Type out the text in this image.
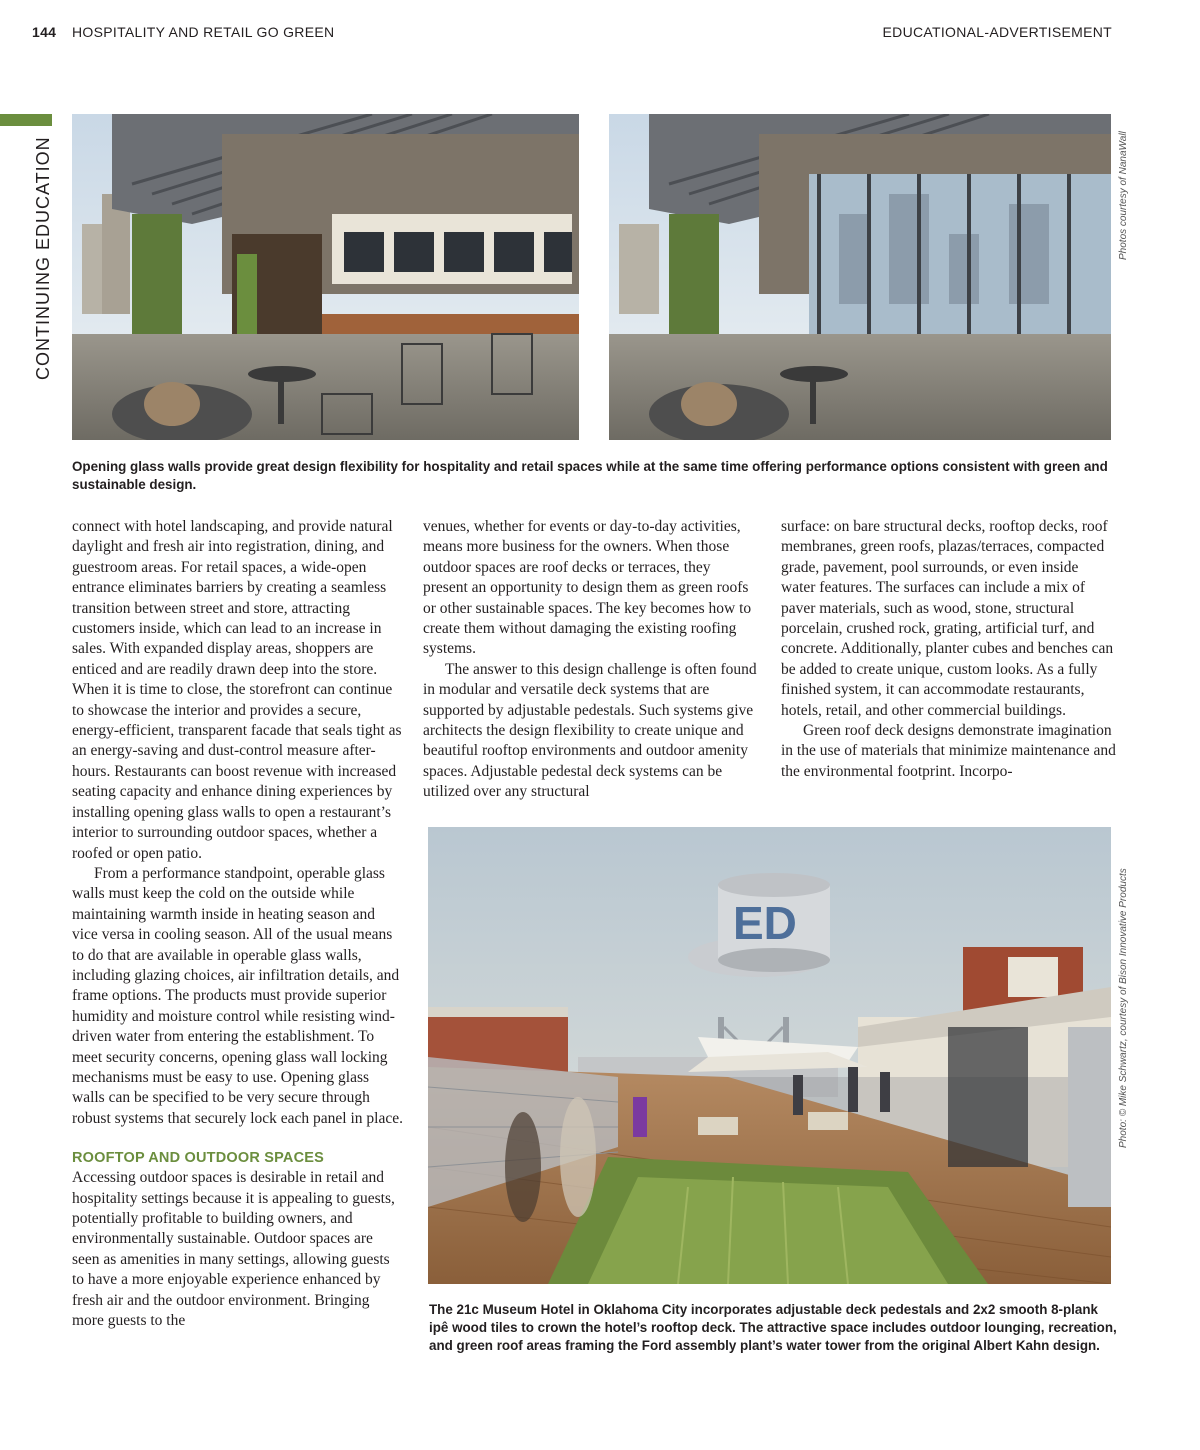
144 HOSPITALITY AND RETAIL GO GREEN	EDUCATIONAL-ADVERTISEMENT
CONTINUING EDUCATION	Photos courtesy of NanaWall
Opening glass walls provide great design flexibility for hospitality and retail spaces while at the same time offering performance options consistent with green and sustainable design.

connect with hotel landscaping, and provide natural daylight and fresh air into registration, dining, and guestroom areas. For retail spaces, a wide-open entrance eliminates barriers by creating a seamless transition between street and store, attracting customers inside, which can lead to an increase in sales. With expanded display areas, shoppers are enticed and are readily drawn deep into the store. When it is time to close, the storefront can continue to showcase the interior and provides a secure, energy-efficient, transparent facade that seals tight as an energy-saving and dust-control measure after-hours. Restaurants can boost revenue with increased seating capacity and enhance dining experiences by installing opening glass walls to open a restaurant’s interior to surrounding outdoor spaces, whether a roofed or open patio.

From a performance standpoint, operable glass walls must keep the cold on the outside while maintaining warmth inside in heating season and vice versa in cooling season. All of the usual means to do that are available in operable glass walls, including glazing choices, air infiltration details, and frame options. The products must provide superior humidity and moisture control while resisting wind-driven water from entering the establishment. To meet security concerns, opening glass wall locking mechanisms must be easy to use. Opening glass walls can be specified to be very secure through robust systems that securely lock each panel in place.

ROOFTOP AND OUTDOOR SPACES

Accessing outdoor spaces is desirable in retail and hospitality settings because it is appealing to guests, potentially profitable to building owners, and environmentally sustainable. Outdoor spaces are seen as amenities in many settings, allowing guests to have a more enjoyable experience enhanced by fresh air and the outdoor environment. Bringing more guests to the

venues, whether for events or day-to-day activities, means more business for the owners. When those outdoor spaces are roof decks or terraces, they present an opportunity to design them as green roofs or other sustainable spaces. The key becomes how to create them without damaging the existing roofing systems.

The answer to this design challenge is often found in modular and versatile deck systems that are supported by adjustable pedestals. Such systems give architects the design flexibility to create unique and beautiful rooftop environments and outdoor amenity spaces. Adjustable pedestal deck systems can be utilized over any structural

surface: on bare structural decks, rooftop decks, roof membranes, green roofs, plazas/terraces, compacted grade, pavement, pool surrounds, or even inside water features. The surfaces can include a mix of paver materials, such as wood, stone, structural porcelain, crushed rock, grating, artificial turf, and concrete. Additionally, planter cubes and benches can be added to create unique, custom looks. As a fully finished system, it can accommodate restaurants, hotels, retail, and other commercial buildings.

Green roof deck designs demonstrate imagination in the use of materials that minimize maintenance and the environmental footprint. Incorpo-

ED	Photo: © Mike Schwartz, courtesy of Bison Innovative Products
The 21c Museum Hotel in Oklahoma City incorporates adjustable deck pedestals and 2x2 smooth 8-plank ipê wood tiles to crown the hotel’s rooftop deck. The attractive space includes outdoor lounging, recreation, and green roof areas framing the Ford assembly plant’s water tower from the original Albert Kahn design.
